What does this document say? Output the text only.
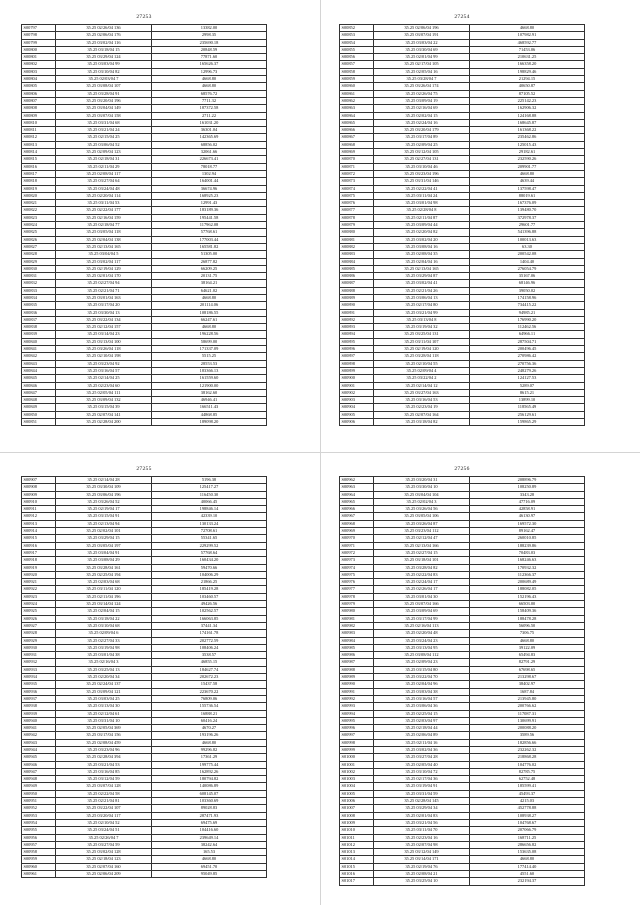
27253
S00797	35.25 02/26/04 136	13382.00
S00798	35.25 02/06/04 176	2998.35
S00799	35.25 03/02/04 116	235690.18
S00800	35.25 03/18/04 15	20848.59
S00801	35.25 03/29/04 124	77871.60
S00802	35.25 03/03/04 99	165626.37
S00803	35.25 03/10/04 82	12996.73
S00804	35.25 02/03/04 7	4668.80
S00805	35.25 03/08/04 107	4668.80
S00806	35.25 03/28/04 91	68576.72
S00807	35.25 03/20/04 196	7711.32
S00808	35.25 03/04/04 149	187372.58
S00809	35.25 03/07/04 158	2711.22
S00810	35.25 03/31/04 68	161031.20
S00811	35.25 03/21/04 24	36301.04
S00812	35.25 02/15/04 25	142365.69
S00813	35.25 03/06/04 52	68856.02
S00814	35.25 02/09/04 123	32061.66
S00815	35.25 02/18/04 31	226673.41
S00816	35.25 02/11/04 29	78018.77
S00817	35.25 02/08/04 117	1302.94
S00818	35.25 03/27/04 64	164001.44
S00819	35.25 03/24/04 48	36674.96
S00820	35.25 02/20/04 114	168925.23
S00821	35.25 03/11/04 53	12991.43
S00822	35.25 02/22/04 177	183189.36
S00823	35.25 02/16/04 159	195441.58
S00824	35.25 02/18/04 77	117962.08
S00825	35.25 03/05/04 118	57768.61
S00826	35.25 02/04/04 138	177003.44
S00827	35.25 02/13/04 165	165581.82
S00828	35.25 03/04/04 5	51305.00
S00829	35.25 03/02/04 117	26877.82
S00830	35.25 02/19/04 129	66209.25
S00831	35.25 02/01/04 170	20131.75
S00832	35.25 02/27/04 94	38164.21
S00833	35.25 02/21/04 71	64621.02
S00834	35.25 03/01/04 163	4668.80
S00835	35.25 03/17/04 20	201114.06
S00836	35.25 03/30/04 13	108186.55
S00837	35.25 03/22/04 134	66247.61
S00838	35.25 02/12/04 157	4668.80
S00839	35.25 03/14/04 23	196228.56
S00840	35.25 03/13/04 100	58699.00
S00841	35.25 03/26/04 118	171337.09
S00842	35.25 02/10/04 198	5515.25
S00843	35.25 03/23/04 92	28553.53
S00844	35.25 03/16/04 57	183366.13
S00845	35.25 02/14/04 25	161559.60
S00846	35.25 02/23/04 60	121900.00
S00847	35.25 02/05/04 111	38162.60
S00848	35.25 03/09/04 132	46946.41
S00849	35.25 03/15/04 39	166511.43
S00850	35.25 02/07/04 141	44868.85
S00851	35.25 02/28/04 200	189098.20
27254
S00852	35.25 02/06/04 196	4668.80
S00853	35.25 03/07/04 191	107982.91
S00854	35.25 03/03/04 22	468592.77
S00855	35.25 03/30/04 69	71453.06
S00856	35.25 02/01/04 99	210631.25
S00857	35.25 02/17/04 105	166358.20
S00858	35.25 02/05/04 16	198829.46
S00859	35.25 03/28/04 7	21294.15
S00860	35.25 03/26/04 174	40650.87
S00861	35.25 02/26/04 75	87105.52
S00862	35.25 03/09/04 19	225142.23
S00863	35.25 02/16/04 69	162906.32
S00864	35.25 02/02/04 15	124168.88
S00865	35.25 02/24/04 16	168645.87
S00866	35.25 03/20/04 179	161368.22
S00867	35.25 03/17/04 89	235462.86
S00868	35.25 02/09/04 25	125015.43
S00869	35.25 03/12/04 105	29182.61
S00870	35.25 02/27/04 131	232590.26
S00871	35.25 03/10/04 46	209901.77
S00872	35.25 03/23/04 196	4668.80
S00873	35.25 03/31/04 146	4639.44
S00874	35.25 02/22/04 41	137598.47
S00875	35.25 03/11/04 24	88019.61
S00876	35.25 03/01/04 98	167376.09
S00877	35.25 02/28/04 8	139480.70
S00878	35.25 02/11/04 87	372978.37
S00879	35.25 03/09/04 44	29601.77
S00880	35.25 02/20/04 82	541396.88
S00881	35.25 03/02/04 20	100013.63
S00882	35.25 03/08/04 16	63.30
S00883	35.25 02/08/04 35	200542.08
S00884	35.25 02/04/04 16	1404.40
S00885	35.25 02/13/04 165	276054.79
S00886	35.25 03/29/04 87	35167.06
S00887	35.25 03/02/04 41	68146.96
S00888	35.25 02/21/04 26	39050.02
S00889	35.25 03/06/04 13	174158.96
S00890	35.25 02/17/04 80	734415.22
S00891	35.25 03/21/04 99	94985.21
S00892	35.25 03/13/04 8	176990.20
S00893	35.25 03/19/04 32	112462.56
S00894	35.25 03/25/04 131	64966.11
S00895	35.25 03/11/04 107	287504.71
S00896	35.25 02/19/04 120	200496.45
S00897	35.25 03/28/04 118	270986.42
S00898	35.25 02/10/04 55	270756.36
S00899	35.25 02/09/04 4	248279.26
S00900	35.25 03/22/04 2	124127.53
S00901	35.25 02/14/04 12	5289.07
S00902	35.25 03/27/04 163	8615.21
S00903	35.25 03/16/04 53	13899.10
S00904	35.25 02/23/04 19	118565.49
S00905	35.25 02/07/04 164	256129.61
S00906	35.25 03/18/04 82	159865.29
27255
S00907	35.25 02/14/04 28	5196.38
S00908	35.25 03/30/04 109	125417.27
S00909	35.25 03/06/04 196	116450.30
S00910	35.25 03/26/04 52	40066.45
S00911	35.25 02/19/04 17	198846.14
S00912	35.25 03/15/04 91	42339.10
S00913	35.25 02/13/04 94	130133.24
S00914	35.25 02/02/04 101	72708.61
S00915	35.25 03/29/04 15	55341.65
S00916	35.25 03/05/04 197	229299.52
S00917	35.25 03/04/04 91	57768.64
S00918	35.25 03/08/04 29	160434.20
S00919	35.25 03/28/04 161	59470.66
S00920	35.25 02/25/04 194	104006.29
S00921	35.25 02/03/04 68	21866.25
S00922	35.25 03/11/04 120	185419.28
S00923	35.25 02/11/04 196	103460.57
S00924	35.25 03/14/04 124	49426.56
S00925	35.25 02/04/04 15	102562.57
S00926	35.25 03/18/04 22	166063.85
S00927	35.25 03/10/04 68	37441.34
S00928	35.25 02/09/04 6	174161.78
S00929	35.25 02/27/04 33	202772.59
S00930	35.25 03/19/04 98	108406.24
S00931	35.25 03/01/04 38	3538.57
S00932	35.25 02/16/04 3	46855.15
S00933	35.25 03/25/04 13	184627.74
S00934	35.25 02/20/04 34	202672.23
S00935	35.25 02/24/04 137	15437.58
S00936	35.25 03/09/04 121	223670.22
S00937	35.25 03/03/04 25	76809.06
S00938	35.25 03/13/04 30	155736.54
S00939	35.25 02/12/04 61	16888.21
S00940	35.25 03/31/04 10	60416.24
S00941	35.25 02/05/04 369	4670.27
S00942	35.25 03/17/04 156	193196.26
S00943	35.25 02/08/04 459	4668.80
S00944	35.25 03/23/04 96	99296.82
S00945	35.25 02/28/04 394	17361.29
S00946	35.25 03/21/04 53	199775.44
S00947	35.25 03/16/04 85	162892.26
S00948	35.25 03/12/04 59	180794.82
S00949	35.25 03/07/04 128	140086.89
S00950	35.25 02/22/04 58	608145.07
S00951	35.25 02/21/04 81	103360.69
S00952	35.25 03/22/04 107	89028.83
S00953	35.25 03/20/04 117	287471.93
S00954	35.25 02/10/04 52	69475.69
S00955	35.25 03/24/04 51	104416.60
S00956	35.25 02/26/04 7	239649.14
S00957	35.25 03/27/04 59	38242.64
S00958	35.25 03/02/04 128	165.53
S00959	35.25 02/18/04 123	4668.80
S00960	35.25 02/07/04 160	69451.70
S00961	35.25 02/06/04 209	95049.85
27256
S00962	35.25 03/20/04 31	208896.79
S00963	35.25 03/30/04 10	108250.89
S00964	35.25 03/04/04 104	3343.28
S00965	35.25 02/02/04 3	47716.09
S00966	35.25 03/26/04 56	42858.91
S00967	35.25 03/05/04 106	46130.97
S00968	35.25 03/26/04 87	169572.30
S00969	35.25 03/23/04 112	89162.47
S00970	35.25 02/12/04 47	260010.85
S00971	35.25 02/13/04 166	188239.86
S00972	35.25 02/27/04 15	70483.03
S00973	35.25 03/18/04 101	168246.63
S00974	35.25 03/28/04 82	170932.32
S00975	35.25 02/22/04 83	112366.37
S00976	35.25 02/24/04 17	200689.49
S00977	35.25 02/26/04 17	188082.05
S00978	35.25 03/01/04 30	152196.43
S00979	35.25 03/07/04 166	66503.00
S00980	35.25 03/09/04 69	158409.36
S00981	35.25 03/17/04 99	188478.28
S00982	35.25 02/16/04 113	56096.50
S00983	35.25 02/20/04 48	7306.75
S00984	35.25 03/24/04 23	4668.80
S00985	35.25 03/13/04 95	39122.09
S00986	35.25 03/08/04 112	65494.83
S00987	35.25 02/09/04 23	82791.29
S00988	35.25 03/15/04 80	67698.65
S00989	35.25 03/22/04 70	213298.67
S00990	35.25 02/04/04 96	38402.97
S00991	35.25 03/03/04 38	1687.84
S00992	35.25 03/16/04 57	213945.80
S00993	35.25 03/06/04 36	200766.62
S00994	35.25 02/25/04 15	117087.31
S00995	35.25 02/03/04 97	130699.91
S00996	35.25 02/18/04 44	200088.20
S00997	35.25 02/06/04 89	3589.56
S00998	35.25 02/11/04 16	182856.66
S00999	35.25 03/02/04 36	232262.32
S01000	35.25 03/27/04 28	218868.28
S01001	35.25 02/05/04 40	104776.02
S01002	35.25 03/10/04 72	82785.75
S01003	35.25 02/17/04 36	62752.48
S01004	35.25 03/19/04 91	185599.41
S01005	35.25 03/31/04 59	45493.37
S01006	35.25 02/28/04 145	4215.03
S01007	35.25 03/29/04 34	452778.88
S01008	35.25 02/01/04 83	108938.27
S01009	35.25 03/21/04 56	104768.67
S01010	35.25 03/11/04 70	207066.79
S01011	35.25 02/23/04 16	168711.25
S01012	35.25 02/07/04 98	286656.82
S01013	35.25 03/12/04 149	153635.08
S01014	35.25 03/14/04 171	4668.80
S01015	35.25 02/19/04 76	177414.40
S01016	35.25 02/08/04 21	4551.60
S01017	35.25 03/25/04 10	232194.37
